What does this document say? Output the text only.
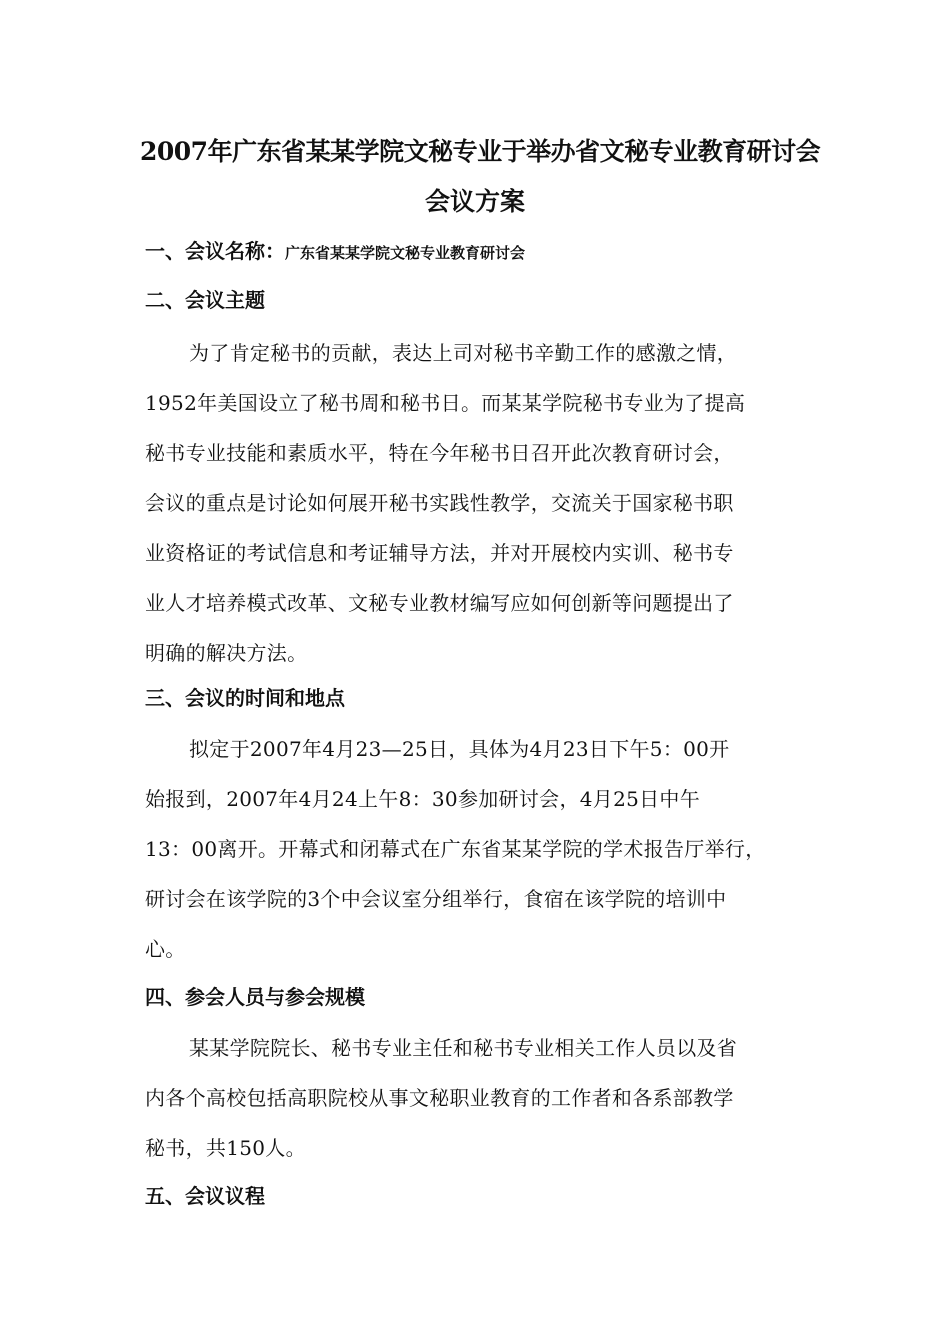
2007年广东省某某学院文秘专业于举办省文秘专业教育研讨会
会议方案
一、会议名称：广东省某某学院文秘专业教育研讨会
二、会议主题
为了肯定秘书的贡献，表达上司对秘书辛勤工作的感激之情，
1952年美国设立了秘书周和秘书日。而某某学院秘书专业为了提高
秘书专业技能和素质水平，特在今年秘书日召开此次教育研讨会，
会议的重点是讨论如何展开秘书实践性教学，交流关于国家秘书职
业资格证的考试信息和考证辅导方法，并对开展校内实训、秘书专
业人才培养模式改革、文秘专业教材编写应如何创新等问题提出了
明确的解决方法。
三、会议的时间和地点
拟定于2007年4月23—25日，具体为4月23日下午5：00开
始报到，2007年4月24上午8：30参加研讨会，4月25日中午
13：00离开。开幕式和闭幕式在广东省某某学院的学术报告厅举行，
研讨会在该学院的3个中会议室分组举行，食宿在该学院的培训中
心。
四、参会人员与参会规模
某某学院院长、秘书专业主任和秘书专业相关工作人员以及省
内各个高校包括高职院校从事文秘职业教育的工作者和各系部教学
秘书，共150人。
五、会议议程
